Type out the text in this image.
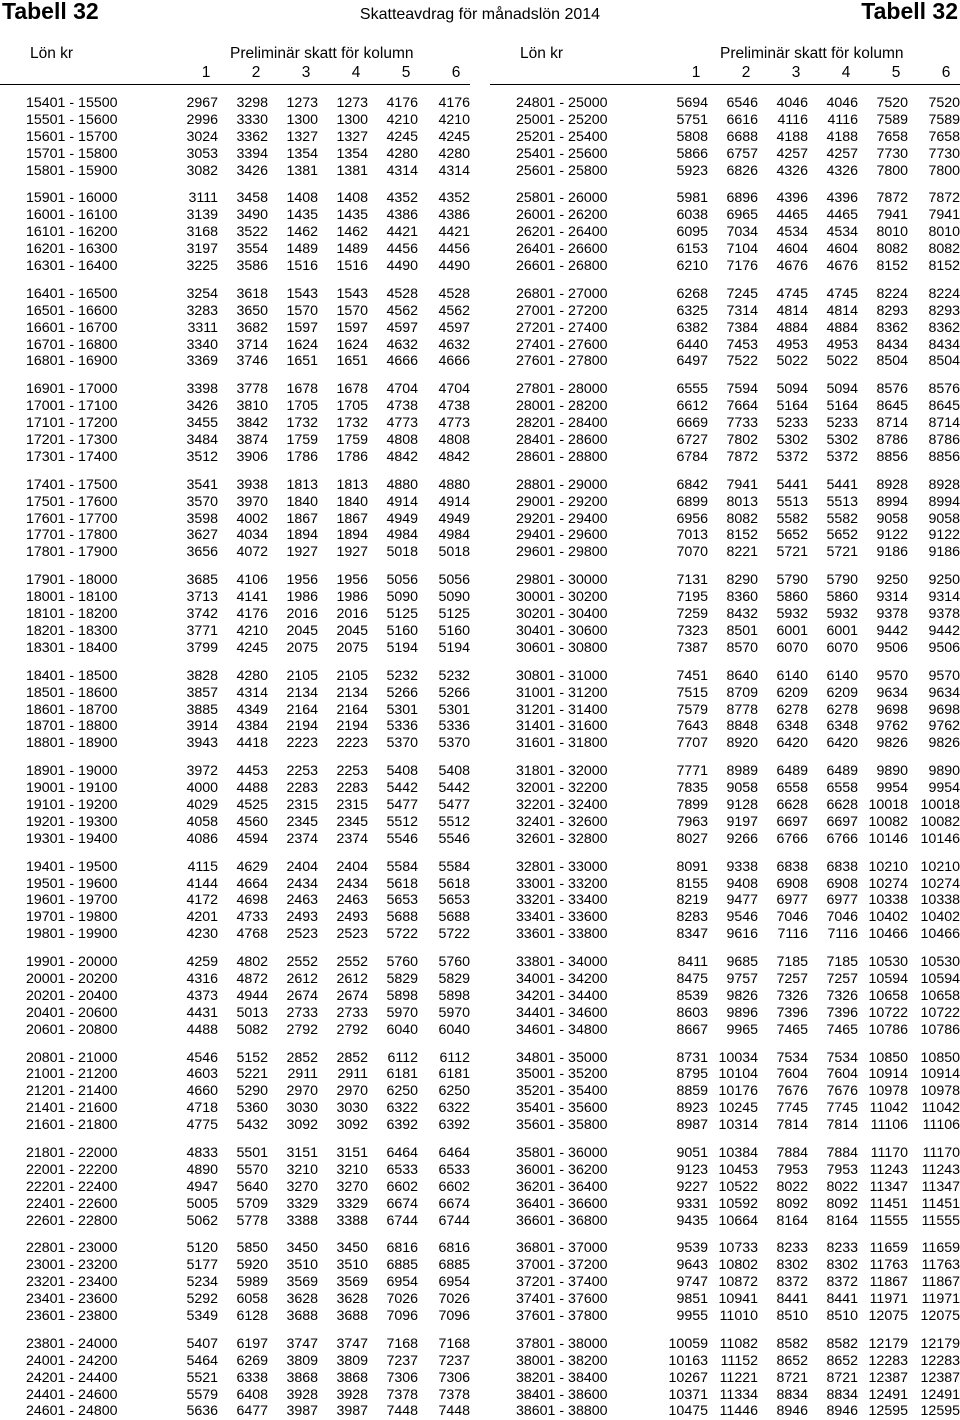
Tabell 32	Skatteavdrag för månadslön 2014	Tabell 32
Lön kr	Preliminär skatt för kolumn
1	2	3	4	5	6
15401 - 15500	2967	3298	1273	1273	4176	4176
15501 - 15600	2996	3330	1300	1300	4210	4210
15601 - 15700	3024	3362	1327	1327	4245	4245
15701 - 15800	3053	3394	1354	1354	4280	4280
15801 - 15900	3082	3426	1381	1381	4314	4314
15901 - 16000	3111	3458	1408	1408	4352	4352
16001 - 16100	3139	3490	1435	1435	4386	4386
16101 - 16200	3168	3522	1462	1462	4421	4421
16201 - 16300	3197	3554	1489	1489	4456	4456
16301 - 16400	3225	3586	1516	1516	4490	4490
16401 - 16500	3254	3618	1543	1543	4528	4528
16501 - 16600	3283	3650	1570	1570	4562	4562
16601 - 16700	3311	3682	1597	1597	4597	4597
16701 - 16800	3340	3714	1624	1624	4632	4632
16801 - 16900	3369	3746	1651	1651	4666	4666
16901 - 17000	3398	3778	1678	1678	4704	4704
17001 - 17100	3426	3810	1705	1705	4738	4738
17101 - 17200	3455	3842	1732	1732	4773	4773
17201 - 17300	3484	3874	1759	1759	4808	4808
17301 - 17400	3512	3906	1786	1786	4842	4842
17401 - 17500	3541	3938	1813	1813	4880	4880
17501 - 17600	3570	3970	1840	1840	4914	4914
17601 - 17700	3598	4002	1867	1867	4949	4949
17701 - 17800	3627	4034	1894	1894	4984	4984
17801 - 17900	3656	4072	1927	1927	5018	5018
17901 - 18000	3685	4106	1956	1956	5056	5056
18001 - 18100	3713	4141	1986	1986	5090	5090
18101 - 18200	3742	4176	2016	2016	5125	5125
18201 - 18300	3771	4210	2045	2045	5160	5160
18301 - 18400	3799	4245	2075	2075	5194	5194
18401 - 18500	3828	4280	2105	2105	5232	5232
18501 - 18600	3857	4314	2134	2134	5266	5266
18601 - 18700	3885	4349	2164	2164	5301	5301
18701 - 18800	3914	4384	2194	2194	5336	5336
18801 - 18900	3943	4418	2223	2223	5370	5370
18901 - 19000	3972	4453	2253	2253	5408	5408
19001 - 19100	4000	4488	2283	2283	5442	5442
19101 - 19200	4029	4525	2315	2315	5477	5477
19201 - 19300	4058	4560	2345	2345	5512	5512
19301 - 19400	4086	4594	2374	2374	5546	5546
19401 - 19500	4115	4629	2404	2404	5584	5584
19501 - 19600	4144	4664	2434	2434	5618	5618
19601 - 19700	4172	4698	2463	2463	5653	5653
19701 - 19800	4201	4733	2493	2493	5688	5688
19801 - 19900	4230	4768	2523	2523	5722	5722
19901 - 20000	4259	4802	2552	2552	5760	5760
20001 - 20200	4316	4872	2612	2612	5829	5829
20201 - 20400	4373	4944	2674	2674	5898	5898
20401 - 20600	4431	5013	2733	2733	5970	5970
20601 - 20800	4488	5082	2792	2792	6040	6040
20801 - 21000	4546	5152	2852	2852	6112	6112
21001 - 21200	4603	5221	2911	2911	6181	6181
21201 - 21400	4660	5290	2970	2970	6250	6250
21401 - 21600	4718	5360	3030	3030	6322	6322
21601 - 21800	4775	5432	3092	3092	6392	6392
21801 - 22000	4833	5501	3151	3151	6464	6464
22001 - 22200	4890	5570	3210	3210	6533	6533
22201 - 22400	4947	5640	3270	3270	6602	6602
22401 - 22600	5005	5709	3329	3329	6674	6674
22601 - 22800	5062	5778	3388	3388	6744	6744
22801 - 23000	5120	5850	3450	3450	6816	6816
23001 - 23200	5177	5920	3510	3510	6885	6885
23201 - 23400	5234	5989	3569	3569	6954	6954
23401 - 23600	5292	6058	3628	3628	7026	7026
23601 - 23800	5349	6128	3688	3688	7096	7096
23801 - 24000	5407	6197	3747	3747	7168	7168
24001 - 24200	5464	6269	3809	3809	7237	7237
24201 - 24400	5521	6338	3868	3868	7306	7306
24401 - 24600	5579	6408	3928	3928	7378	7378
24601 - 24800	5636	6477	3987	3987	7448	7448
Lön kr	Preliminär skatt för kolumn
1	2	3	4	5	6
24801 - 25000	5694	6546	4046	4046	7520	7520
25001 - 25200	5751	6616	4116	4116	7589	7589
25201 - 25400	5808	6688	4188	4188	7658	7658
25401 - 25600	5866	6757	4257	4257	7730	7730
25601 - 25800	5923	6826	4326	4326	7800	7800
25801 - 26000	5981	6896	4396	4396	7872	7872
26001 - 26200	6038	6965	4465	4465	7941	7941
26201 - 26400	6095	7034	4534	4534	8010	8010
26401 - 26600	6153	7104	4604	4604	8082	8082
26601 - 26800	6210	7176	4676	4676	8152	8152
26801 - 27000	6268	7245	4745	4745	8224	8224
27001 - 27200	6325	7314	4814	4814	8293	8293
27201 - 27400	6382	7384	4884	4884	8362	8362
27401 - 27600	6440	7453	4953	4953	8434	8434
27601 - 27800	6497	7522	5022	5022	8504	8504
27801 - 28000	6555	7594	5094	5094	8576	8576
28001 - 28200	6612	7664	5164	5164	8645	8645
28201 - 28400	6669	7733	5233	5233	8714	8714
28401 - 28600	6727	7802	5302	5302	8786	8786
28601 - 28800	6784	7872	5372	5372	8856	8856
28801 - 29000	6842	7941	5441	5441	8928	8928
29001 - 29200	6899	8013	5513	5513	8994	8994
29201 - 29400	6956	8082	5582	5582	9058	9058
29401 - 29600	7013	8152	5652	5652	9122	9122
29601 - 29800	7070	8221	5721	5721	9186	9186
29801 - 30000	7131	8290	5790	5790	9250	9250
30001 - 30200	7195	8360	5860	5860	9314	9314
30201 - 30400	7259	8432	5932	5932	9378	9378
30401 - 30600	7323	8501	6001	6001	9442	9442
30601 - 30800	7387	8570	6070	6070	9506	9506
30801 - 31000	7451	8640	6140	6140	9570	9570
31001 - 31200	7515	8709	6209	6209	9634	9634
31201 - 31400	7579	8778	6278	6278	9698	9698
31401 - 31600	7643	8848	6348	6348	9762	9762
31601 - 31800	7707	8920	6420	6420	9826	9826
31801 - 32000	7771	8989	6489	6489	9890	9890
32001 - 32200	7835	9058	6558	6558	9954	9954
32201 - 32400	7899	9128	6628	6628 10018 10018
32401 - 32600	7963	9197	6697	6697 10082 10082
32601 - 32800	8027	9266	6766	6766 10146 10146
32801 - 33000	8091	9338	6838	6838 10210 10210
33001 - 33200	8155	9408	6908	6908 10274 10274
33201 - 33400	8219	9477	6977	6977 10338 10338
33401 - 33600	8283	9546	7046	7046 10402 10402
33601 - 33800	8347	9616	7116	7116 10466 10466
33801 - 34000	8411	9685	7185	7185 10530 10530
34001 - 34200	8475	9757	7257	7257 10594 10594
34201 - 34400	8539	9826	7326	7326 10658 10658
34401 - 34600	8603	9896	7396	7396 10722 10722
34601 - 34800	8667	9965	7465	7465 10786 10786
34801 - 35000	8731 10034	7534	7534 10850 10850
35001 - 35200	8795 10104	7604	7604 10914 10914
35201 - 35400	8859 10176	7676	7676 10978 10978
35401 - 35600	8923 10245	7745	7745 11042 11042
35601 - 35800	8987 10314	7814	7814 11106	11106
35801 - 36000	9051 10384	7884	7884 11170	11170
36001 - 36200	9123 10453	7953	7953 11243 11243
36201 - 36400	9227 10522	8022	8022 11347 11347
36401 - 36600	9331 10592	8092	8092 11451 11451
36601 - 36800	9435 10664	8164	8164 11555 11555
36801 - 37000	9539 10733	8233	8233 11659 11659
37001 - 37200	9643 10802	8302	8302 11763 11763
37201 - 37400	9747 10872	8372	8372 11867 11867
37401 - 37600	9851 10941	8441	8441 11971 11971
37601 - 37800	9955 11010	8510	8510 12075 12075
37801 - 38000	10059 11082	8582	8582 12179 12179
38001 - 38200	10163 11152	8652	8652 12283 12283
38201 - 38400	10267 11221	8721	8721 12387 12387
38401 - 38600	10371 11334	8834	8834 12491 12491
38601 - 38800	10475 11446	8946	8946 12595 12595
